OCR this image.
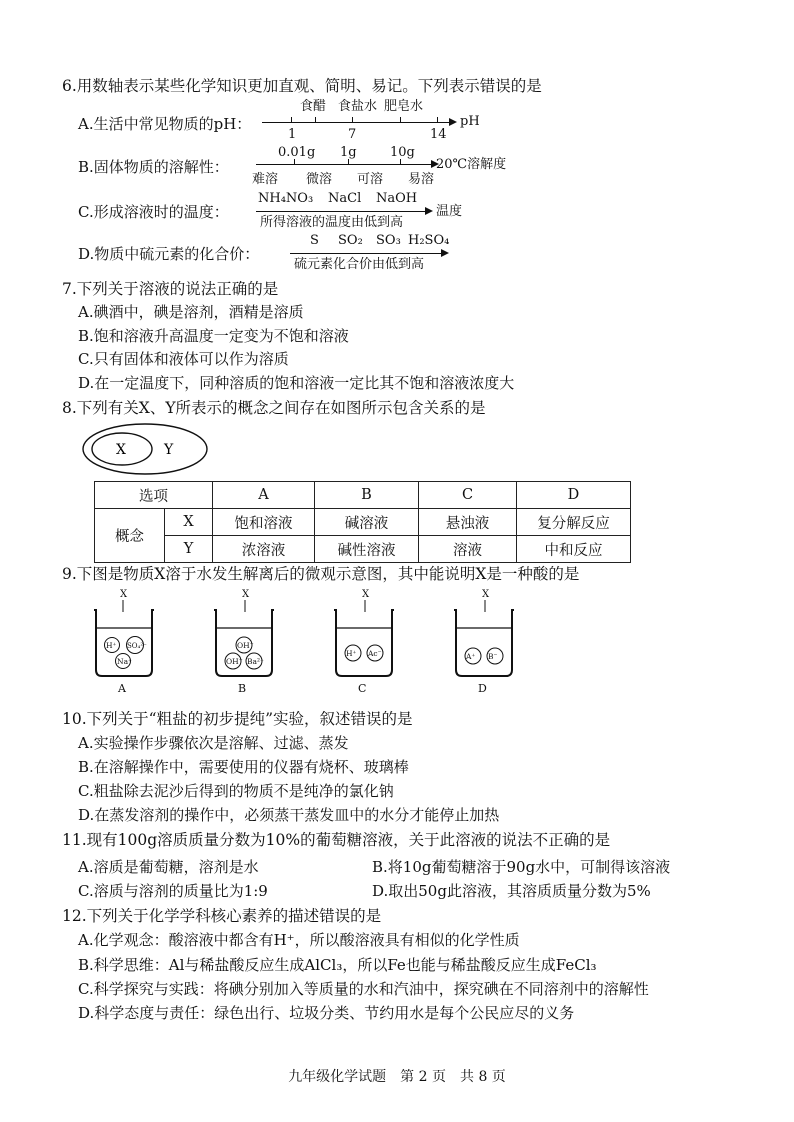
6.用数轴表示某些化学知识更加直观、简明、易记。下列表示错误的是
A.生活中常见物质的pH：
食醋 食盐水 肥皂水
1	7	14
pH
B.固体物质的溶解性：
0.01g 1g	10g
20℃溶解度
难溶 微溶 可溶 易溶
C.形成溶液时的温度：
NH₄NO₃ NaCl NaOH
所得溶液的温度由低到高
温度
D.物质中硫元素的化合价：
S SO₂ SO₃ H₂SO₄
硫元素化合价由低到高
7.下列关于溶液的说法正确的是
A.碘酒中，碘是溶剂，酒精是溶质
B.饱和溶液升高温度一定变为不饱和溶液
C.只有固体和液体可以作为溶质
D.在一定温度下，同种溶质的饱和溶液一定比其不饱和溶液浓度大
8.下列有关X、Y所表示的概念之间存在如图所示包含关系的是
X	Y
选项		A	B	C	D
概念	X	饱和溶液	碱溶液	悬浊液	复分解反应
	Y	浓溶液	碱性溶液	溶液	中和反应
9.下图是物质X溶于水发生解离后的微观示意图，其中能说明X是一种酸的是
X
H⁺ SO₄²⁻
Na⁺
A
X
OH⁻
OH⁻ Ba²⁺
B
X
H⁺ Ac⁻
C
X
A⁺ B⁻
D
10.下列关于“粗盐的初步提纯”实验，叙述错误的是
A.实验操作步骤依次是溶解、过滤、蒸发
B.在溶解操作中，需要使用的仪器有烧杯、玻璃棒
C.粗盐除去泥沙后得到的物质不是纯净的氯化钠
D.在蒸发溶剂的操作中，必须蒸干蒸发皿中的水分才能停止加热
11.现有100g溶质质量分数为10%的葡萄糖溶液，关于此溶液的说法不正确的是
A.溶质是葡萄糖，溶剂是水	B.将10g葡萄糖溶于90g水中，可制得该溶液
C.溶质与溶剂的质量比为1:9	D.取出50g此溶液，其溶质质量分数为5%
12.下列关于化学学科核心素养的描述错误的是
A.化学观念：酸溶液中都含有H⁺，所以酸溶液具有相似的化学性质
B.科学思维：Al与稀盐酸反应生成AlCl₃，所以Fe也能与稀盐酸反应生成FeCl₃
C.科学探究与实践：将碘分别加入等质量的水和汽油中，探究碘在不同溶剂中的溶解性
D.科学态度与责任：绿色出行、垃圾分类、节约用水是每个公民应尽的义务
九年级化学试题　第 2 页　共 8 页
